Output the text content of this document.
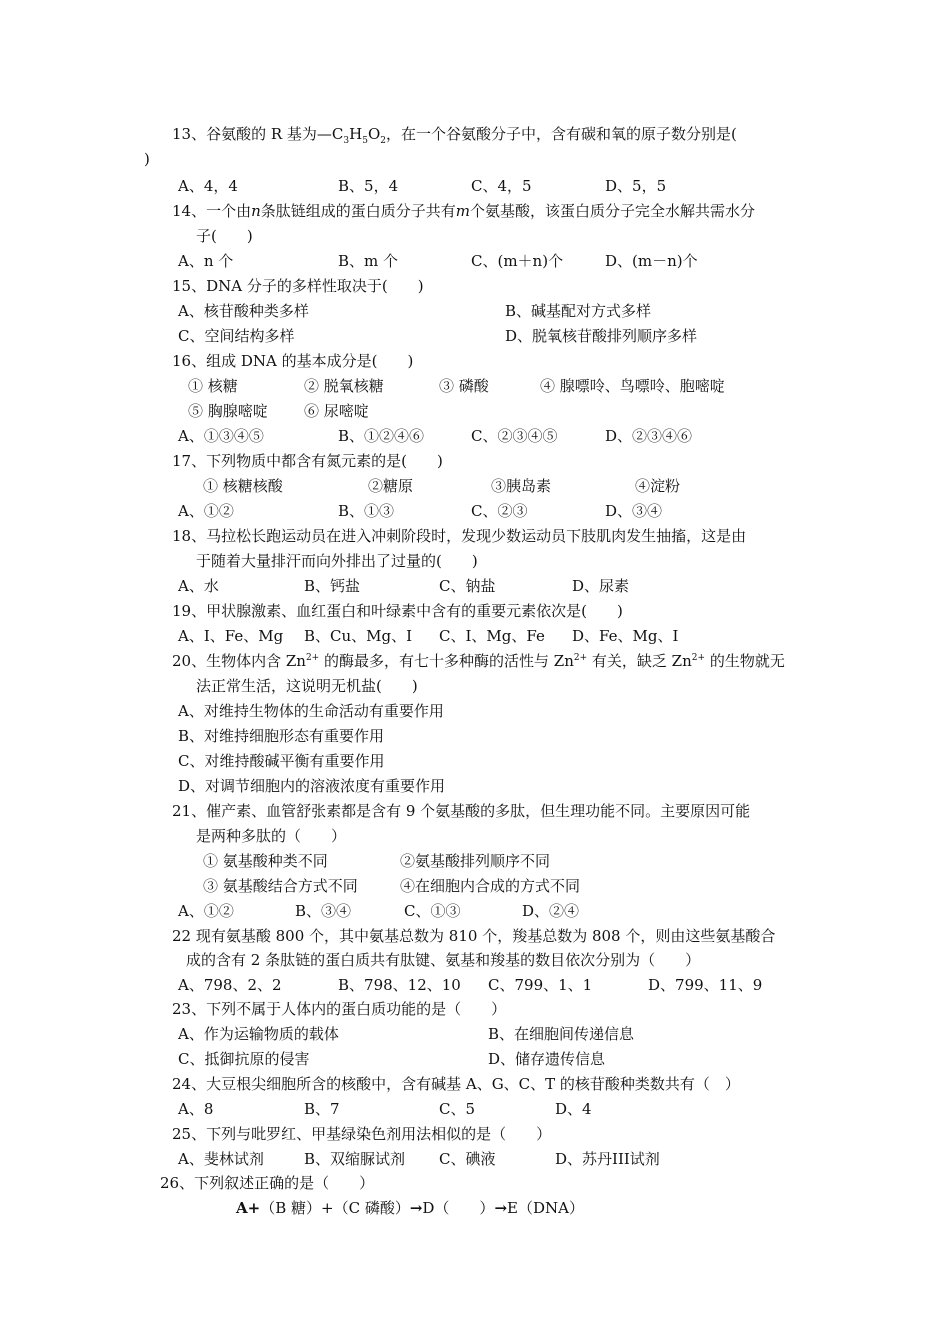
13、谷氨酸的 R 基为$—C_3H_5O_2$，在一个谷氨酸分子中，含有碳和氧的原子数分别是(
)
A、4，4	B、5，4	C、4，5	D、5，5
14、一个由n条肽链组成的蛋白质分子共有m个氨基酸，该蛋白质分子完全水解共需水分
子(　　)
A、n 个	B、m 个	C、(m＋n)个	D、(m－n)个
15、DNA 分子的多样性取决于(　　)
A、核苷酸种类多样	B、碱基配对方式多样
C、空间结构多样	D、脱氧核苷酸排列顺序多样
16、组成 DNA 的基本成分是(　　)
① 核糖	② 脱氧核糖	③ 磷酸	④ 腺嘌呤、鸟嘌呤、胞嘧啶
⑤ 胸腺嘧啶 ⑥ 尿嘧啶
A、①③④⑤	B、①②④⑥	C、②③④⑤	D、②③④⑥
17、下列物质中都含有氮元素的是(　　)
① 核糖核酸	②糖原	③胰岛素	④淀粉
A、①②	B、①③	C、②③	D、③④
18、马拉松长跑运动员在进入冲刺阶段时，发现少数运动员下肢肌肉发生抽搐，这是由
于随着大量排汗而向外排出了过量的(　　)
A、水	B、钙盐	C、钠盐	D、尿素
19、甲状腺激素、血红蛋白和叶绿素中含有的重要元素依次是(　　)
A、I、Fe、Mg B、Cu、Mg、I C、I、Mg、Fe D、Fe、Mg、I
20、生物体内含 $Zn^{2+}$ 的酶最多，有七十多种酶的活性与 $Zn^{2+}$ 有关，缺乏 $Zn^{2+}$ 的生物就无
法正常生活，这说明无机盐(　　)
A、对维持生物体的生命活动有重要作用
B、对维持细胞形态有重要作用
C、对维持酸碱平衡有重要作用
D、对调节细胞内的溶液浓度有重要作用
21、催产素、血管舒张素都是含有 9 个氨基酸的多肽，但生理功能不同。主要原因可能
是两种多肽的（　　）
① 氨基酸种类不同	②氨基酸排列顺序不同
③ 氨基酸结合方式不同	④在细胞内合成的方式不同
A、①②	B、③④	C、①③	D、②④
22 现有氨基酸 800 个，其中氨基总数为 810 个，羧基总数为 808 个，则由这些氨基酸合
成的含有 2 条肽链的蛋白质共有肽键、氨基和羧基的数目依次分别为（　　）
A、798、2、2	B、798、12、10 C、799、1、1	D、799、11、9
23、下列不属于人体内的蛋白质功能的是（　　）
A、作为运输物质的载体	B、在细胞间传递信息
C、抵御抗原的侵害	D、储存遗传信息
24、大豆根尖细胞所含的核酸中，含有碱基 A、G、C、T 的核苷酸种类数共有（　）
A、8	B、7	C、5	D、4
25、下列与吡罗红、甲基绿染色剂用法相似的是（　　）
A、斐林试剂	B、双缩脲试剂 C、碘液	D、苏丹III试剂
26、下列叙述正确的是（　　）
A+（B 糖）+（C 磷酸）→D（　　）→E（DNA）
